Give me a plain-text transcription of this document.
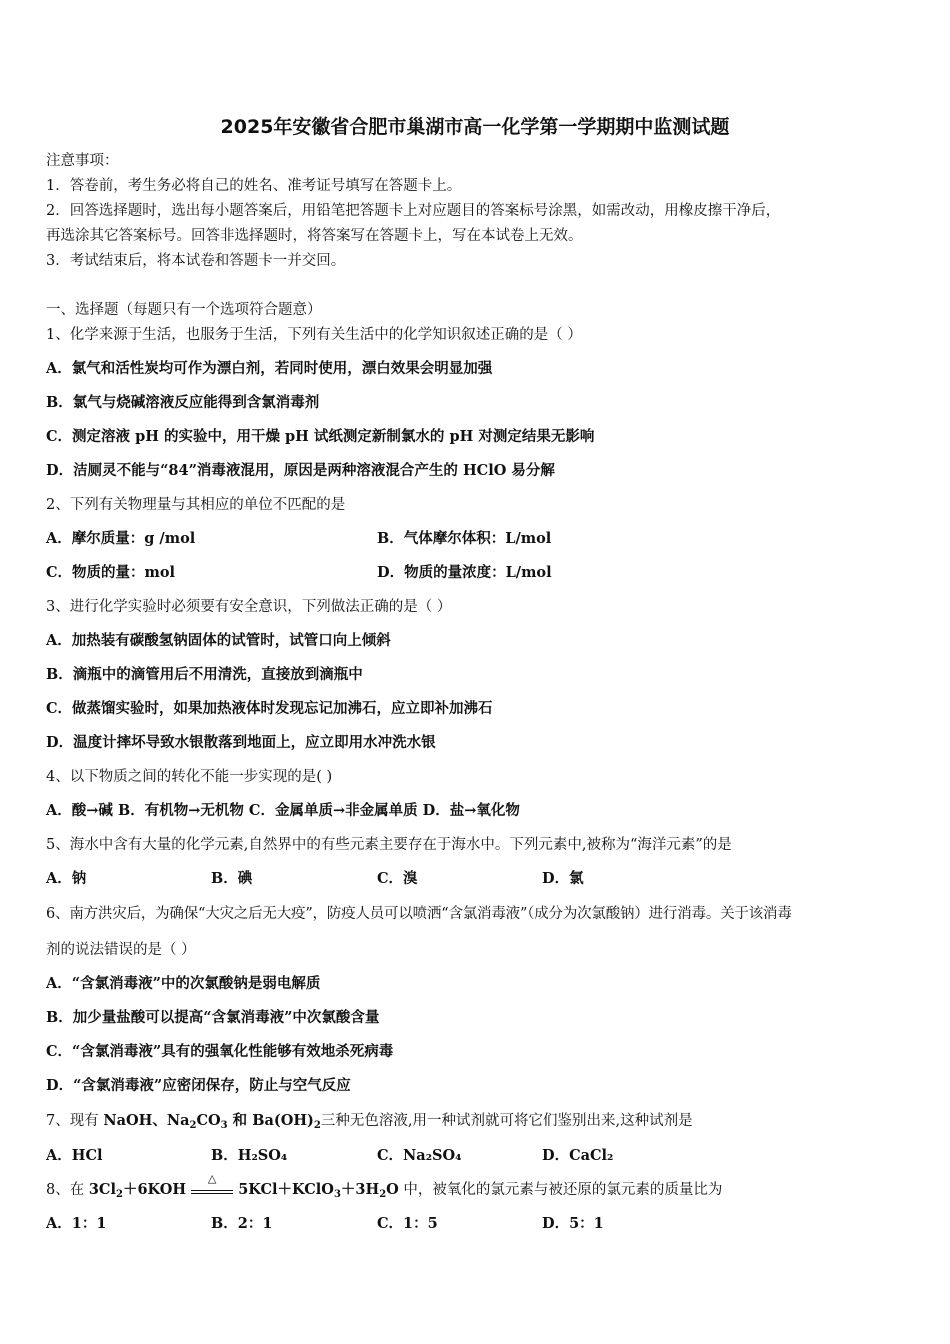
2025年安徽省合肥市巢湖市高一化学第一学期期中监测试题
注意事项：
1．答卷前，考生务必将自己的姓名、准考证号填写在答题卡上。
2．回答选择题时，选出每小题答案后，用铅笔把答题卡上对应题目的答案标号涂黑，如需改动，用橡皮擦干净后，
再选涂其它答案标号。回答非选择题时，将答案写在答题卡上，写在本试卷上无效。
3．考试结束后，将本试卷和答题卡一并交回。
一、选择题（每题只有一个选项符合题意）
1、化学来源于生活，也服务于生活，下列有关生活中的化学知识叙述正确的是（ ）
A．氯气和活性炭均可作为漂白剂，若同时使用，漂白效果会明显加强
B．氯气与烧碱溶液反应能得到含氯消毒剂
C．测定溶液 pH 的实验中，用干燥 pH 试纸测定新制氯水的 pH 对测定结果无影响
D．洁厕灵不能与“84”消毒液混用，原因是两种溶液混合产生的 HClO 易分解
2、下列有关物理量与其相应的单位不匹配的是
A．摩尔质量：g /mol	B．气体摩尔体积：L/mol
C．物质的量：mol	D．物质的量浓度：L/mol
3、进行化学实验时必须要有安全意识，下列做法正确的是（ ）
A．加热装有碳酸氢钠固体的试管时，试管口向上倾斜
B．滴瓶中的滴管用后不用清洗，直接放到滴瓶中
C．做蒸馏实验时，如果加热液体时发现忘记加沸石，应立即补加沸石
D．温度计摔坏导致水银散落到地面上，应立即用水冲洗水银
4、以下物质之间的转化不能一步实现的是( )
A．酸→碱 B．有机物→无机物 C．金属单质→非金属单质 D．盐→氧化物
5、海水中含有大量的化学元素,自然界中的有些元素主要存在于海水中。下列元素中,被称为“海洋元素”的是
A．钠	B．碘	C．溴	D．氯
6、南方洪灾后，为确保“大灾之后无大疫”，防疫人员可以喷洒“含氯消毒液”（成分为次氯酸钠）进行消毒。关于该消毒
剂的说法错误的是（ ）
A．“含氯消毒液”中的次氯酸钠是弱电解质
B．加少量盐酸可以提高“含氯消毒液”中次氯酸含量
C．“含氯消毒液”具有的强氧化性能够有效地杀死病毒
D．“含氯消毒液”应密闭保存，防止与空气反应
7、现有 NaOH、$Na_2CO_3$ 和 $Ba(OH)_2$三种无色溶液,用一种试剂就可将它们鉴别出来,这种试剂是
A．HCl	B．H₂SO₄	C．Na₂SO₄	D．CaCl₂
8、在 $3Cl_2+6KOH$
△
$5KCl+KClO_3+3H_2O$ 中，被氧化的氯元素与被还原的氯元素的质量比为
A．1：1	B．2：1	C．1：5	D．5：1
